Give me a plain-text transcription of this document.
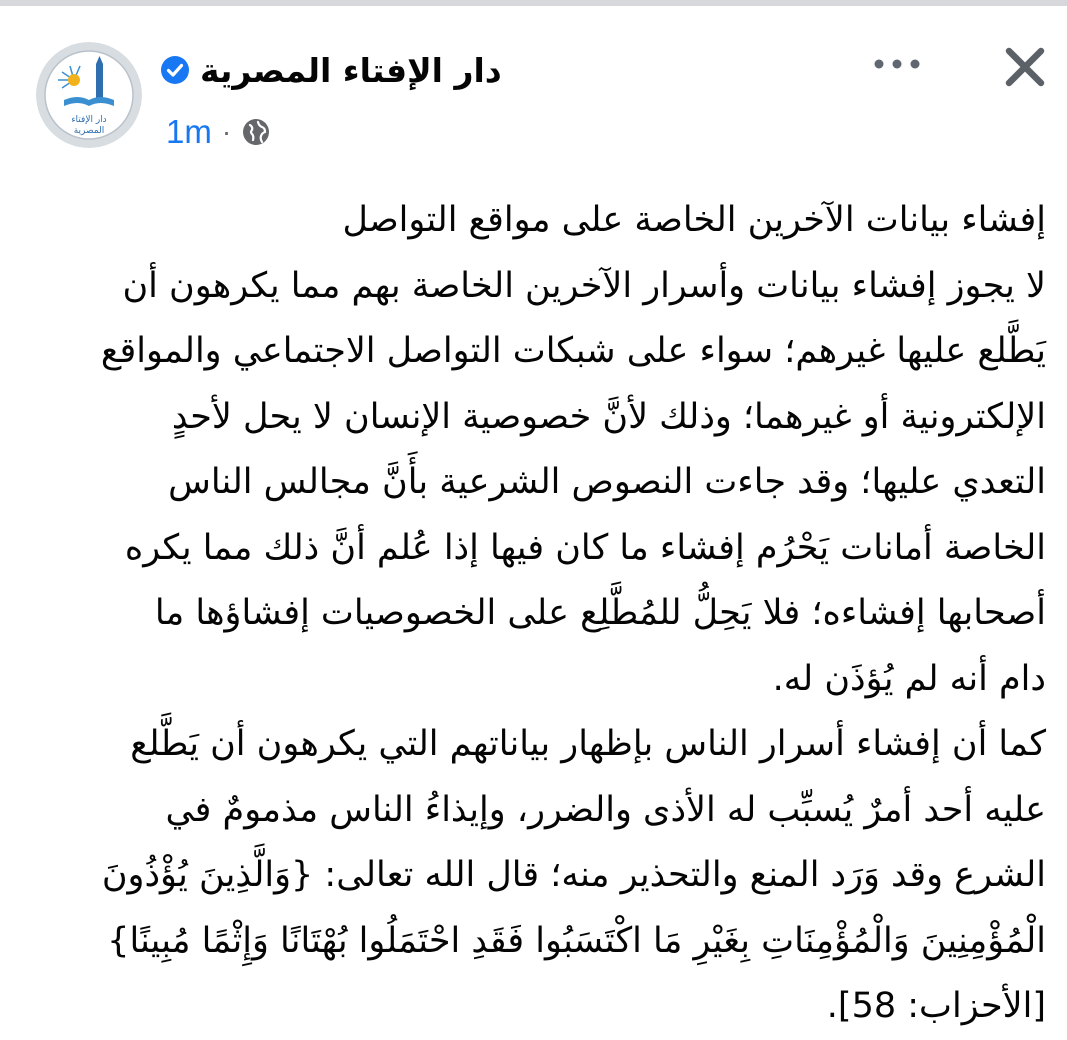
دار الإفتاء
المصرية
دار الإفتاء المصرية
1m ·
إفشاء بيانات الآخرين الخاصة على مواقع التواصل
لا يجوز إفشاء بيانات وأسرار الآخرين الخاصة بهم مما يكرهون أن
يَطَّلع عليها غيرهم؛ سواء على شبكات التواصل الاجتماعي والمواقع
الإلكترونية أو غيرهما؛ وذلك لأنَّ خصوصية الإنسان لا يحل لأحدٍ
التعدي عليها؛ وقد جاءت النصوص الشرعية بأَنَّ مجالس الناس
الخاصة أمانات يَحْرُم إفشاء ما كان فيها إذا عُلم أنَّ ذلك مما يكره
أصحابها إفشاءه؛ فلا يَحِلُّ للمُطَّلِع على الخصوصيات إفشاؤها ما
دام أنه لم يُؤذَن له.
كما أن إفشاء أسرار الناس بإظهار بياناتهم التي يكرهون أن يَطَّلع
عليه أحد أمرٌ يُسبِّب له الأذى والضرر، وإيذاءُ الناس مذمومٌ في
الشرع وقد وَرَد المنع والتحذير منه؛ قال الله تعالى: {وَالَّذِينَ يُؤْذُونَ
الْمُؤْمِنِينَ وَالْمُؤْمِنَاتِ بِغَيْرِ مَا اكْتَسَبُوا فَقَدِ احْتَمَلُوا بُهْتَانًا وَإِثْمًا مُبِينًا}
[الأحزاب: 58].
